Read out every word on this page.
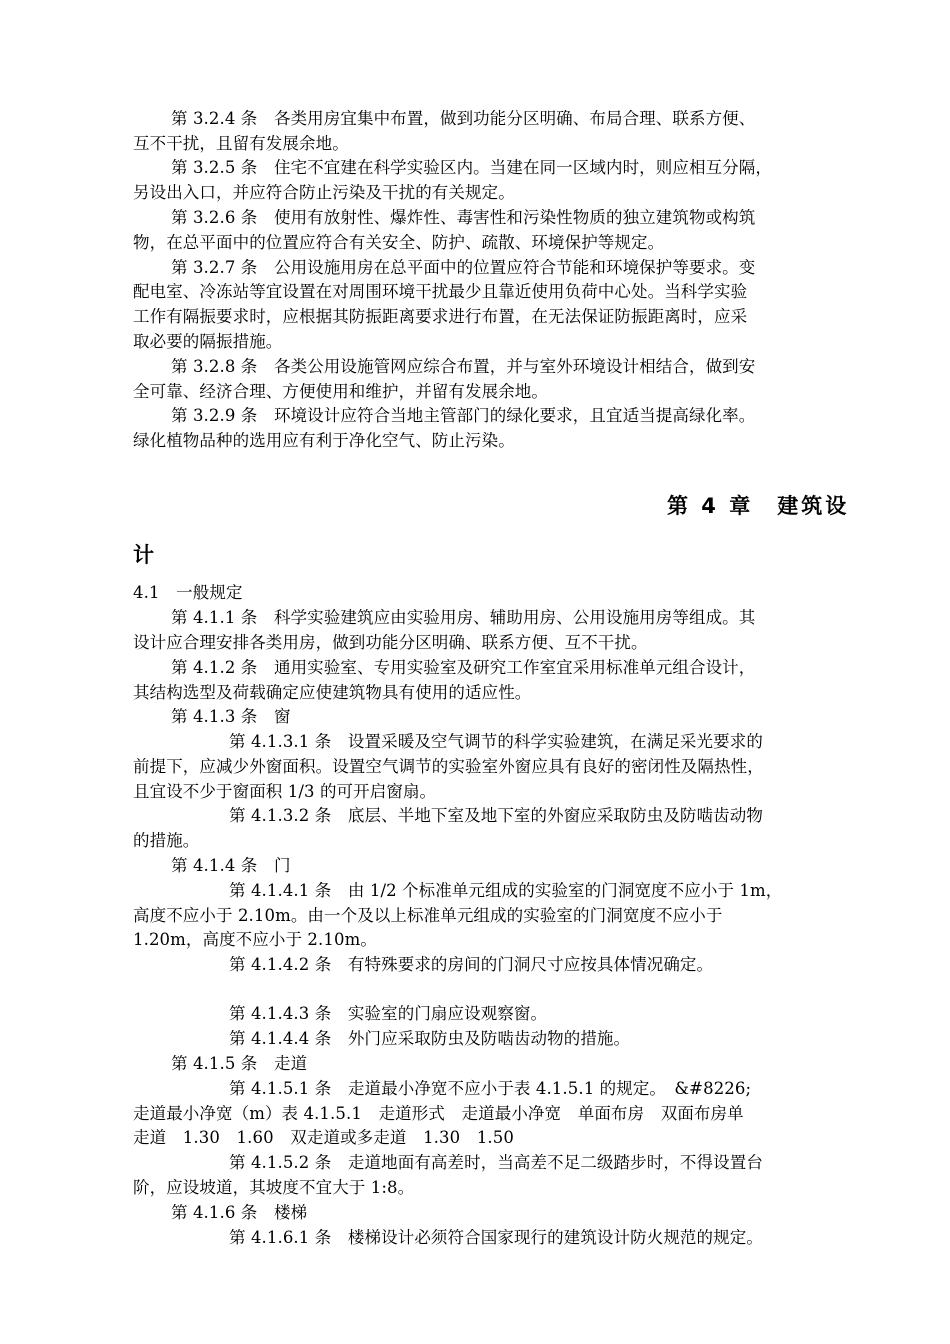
第 3.2.4 条　各类用房宜集中布置，做到功能分区明确、布局合理、联系方便、
互不干扰，且留有发展余地。
第 3.2.5 条　住宅不宜建在科学实验区内。当建在同一区域内时，则应相互分隔，
另设出入口，并应符合防止污染及干扰的有关规定。
第 3.2.6 条　使用有放射性、爆炸性、毒害性和污染性物质的独立建筑物或构筑
物，在总平面中的位置应符合有关安全、防护、疏散、环境保护等规定。
第 3.2.7 条　公用设施用房在总平面中的位置应符合节能和环境保护等要求。变
配电室、冷冻站等宜设置在对周围环境干扰最少且靠近使用负荷中心处。当科学实验
工作有隔振要求时，应根据其防振距离要求进行布置，在无法保证防振距离时，应采
取必要的隔振措施。
第 3.2.8 条　各类公用设施管网应综合布置，并与室外环境设计相结合，做到安
全可靠、经济合理、方便使用和维护，并留有发展余地。
第 3.2.9 条　环境设计应符合当地主管部门的绿化要求，且宜适当提高绿化率。
绿化植物品种的选用应有利于净化空气、防止污染。
第 4 章　建筑设
计
4.1　一般规定
第 4.1.1 条　科学实验建筑应由实验用房、辅助用房、公用设施用房等组成。其
设计应合理安排各类用房，做到功能分区明确、联系方便、互不干扰。
第 4.1.2 条　通用实验室、专用实验室及研究工作室宜采用标准单元组合设计，
其结构选型及荷载确定应使建筑物具有使用的适应性。
第 4.1.3 条　窗
第 4.1.3.1 条　设置采暖及空气调节的科学实验建筑，在满足采光要求的
前提下，应减少外窗面积。设置空气调节的实验室外窗应具有良好的密闭性及隔热性，
且宜设不少于窗面积 1/3 的可开启窗扇。
第 4.1.3.2 条　底层、半地下室及地下室的外窗应采取防虫及防啮齿动物
的措施。
第 4.1.4 条　门
第 4.1.4.1 条　由 1/2 个标准单元组成的实验室的门洞宽度不应小于 1m，
高度不应小于 2.10m。由一个及以上标准单元组成的实验室的门洞宽度不应小于
1.20m，高度不应小于 2.10m。
第 4.1.4.2 条　有特殊要求的房间的门洞尺寸应按具体情况确定。
第 4.1.4.3 条　实验室的门扇应设观察窗。
第 4.1.4.4 条　外门应采取防虫及防啮齿动物的措施。
第 4.1.5 条　走道
第 4.1.5.1 条　走道最小净宽不应小于表 4.1.5.1 的规定。　&#8226;
走道最小净宽（m）表 4.1.5.1　走道形式　走道最小净宽　单面布房　双面布房单
走道　1.30　1.60　双走道或多走道　1.30　1.50
第 4.1.5.2 条　走道地面有高差时，当高差不足二级踏步时，不得设置台
阶，应设坡道，其坡度不宜大于 1:8。
第 4.1.6 条　楼梯
第 4.1.6.1 条　楼梯设计必须符合国家现行的建筑设计防火规范的规定。
